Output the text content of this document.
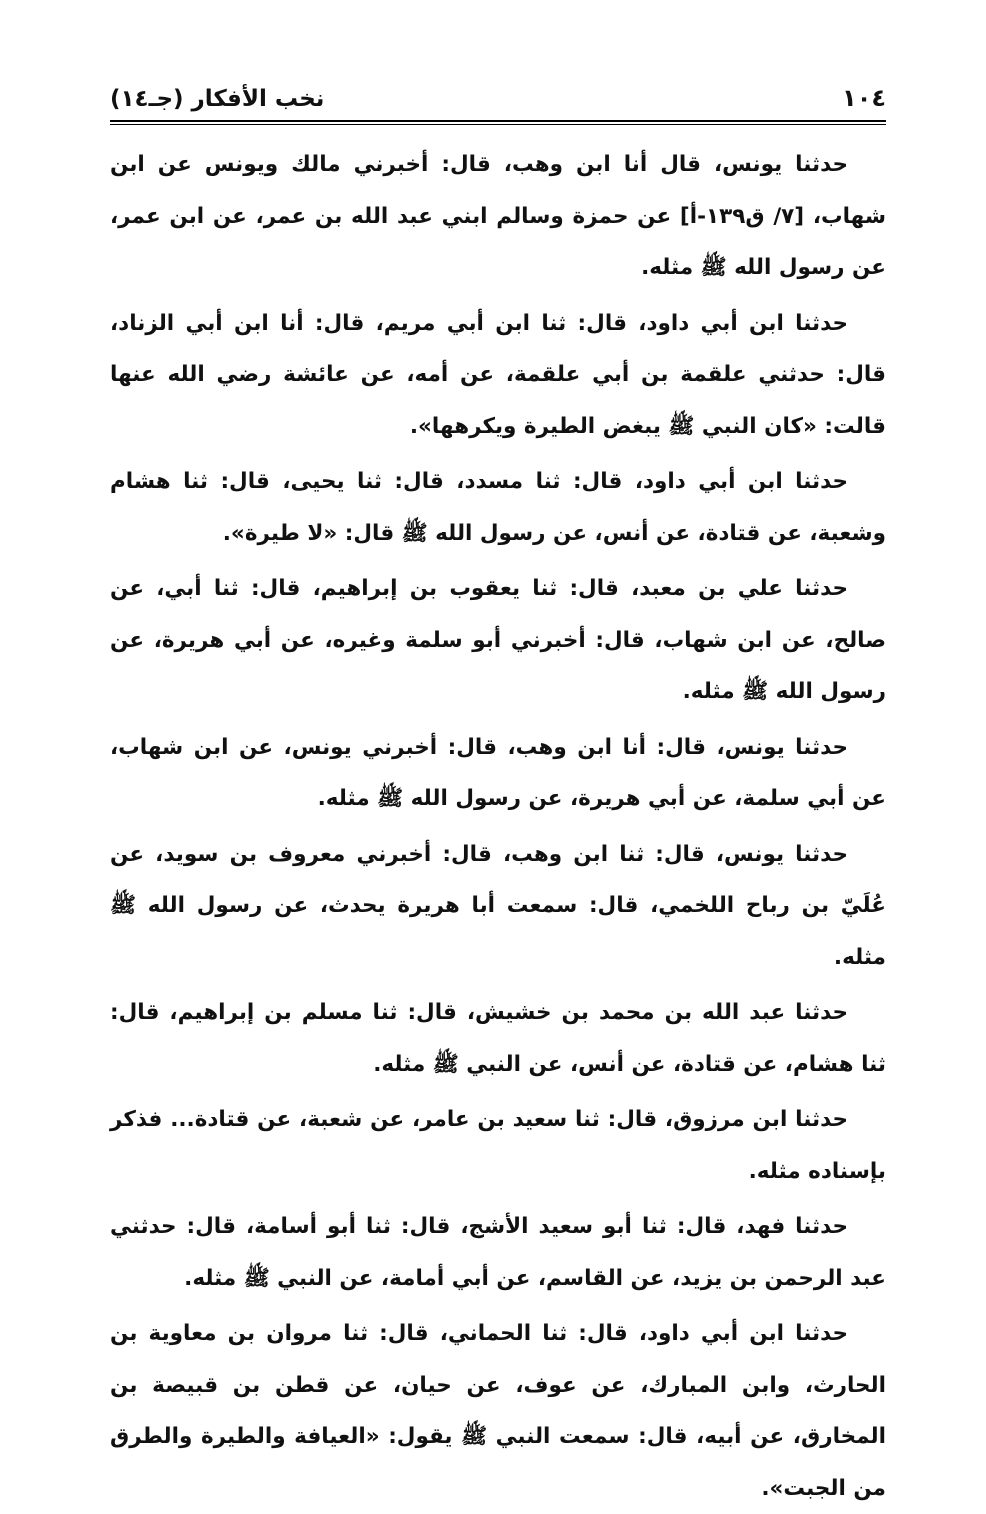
١٠٤
نخب الأفكار (جـ١٤)

حدثنا يونس، قال أنا ابن وهب، قال: أخبرني مالك ويونس عن ابن شهاب، [٧/ ق١٣٩-أ] عن حمزة وسالم ابني عبد الله بن عمر، عن ابن عمر، عن رسول الله ﷺ مثله.

حدثنا ابن أبي داود، قال: ثنا ابن أبي مريم، قال: أنا ابن أبي الزناد، قال: حدثني علقمة بن أبي علقمة، عن أمه، عن عائشة رضي الله عنها قالت: «كان النبي ﷺ يبغض الطيرة ويكرهها».

حدثنا ابن أبي داود، قال: ثنا مسدد، قال: ثنا يحيى، قال: ثنا هشام وشعبة، عن قتادة، عن أنس، عن رسول الله ﷺ قال: «لا طيرة».

حدثنا علي بن معبد، قال: ثنا يعقوب بن إبراهيم، قال: ثنا أبي، عن صالح، عن ابن شهاب، قال: أخبرني أبو سلمة وغيره، عن أبي هريرة، عن رسول الله ﷺ مثله.

حدثنا يونس، قال: أنا ابن وهب، قال: أخبرني يونس، عن ابن شهاب، عن أبي سلمة، عن أبي هريرة، عن رسول الله ﷺ مثله.

حدثنا يونس، قال: ثنا ابن وهب، قال: أخبرني معروف بن سويد، عن عُلَيّ بن رباح اللخمي، قال: سمعت أبا هريرة يحدث، عن رسول الله ﷺ مثله.

حدثنا عبد الله بن محمد بن خشيش، قال: ثنا مسلم بن إبراهيم، قال: ثنا هشام، عن قتادة، عن أنس، عن النبي ﷺ مثله.

حدثنا ابن مرزوق، قال: ثنا سعيد بن عامر، عن شعبة، عن قتادة... فذكر بإسناده مثله.

حدثنا فهد، قال: ثنا أبو سعيد الأشج، قال: ثنا أبو أسامة، قال: حدثني عبد الرحمن بن يزيد، عن القاسم، عن أبي أمامة، عن النبي ﷺ مثله.

حدثنا ابن أبي داود، قال: ثنا الحماني، قال: ثنا مروان بن معاوية بن الحارث، وابن المبارك، عن عوف، عن حيان، عن قطن بن قبيصة بن المخارق، عن أبيه، قال: سمعت النبي ﷺ يقول: «العيافة والطيرة والطرق من الجبت».
